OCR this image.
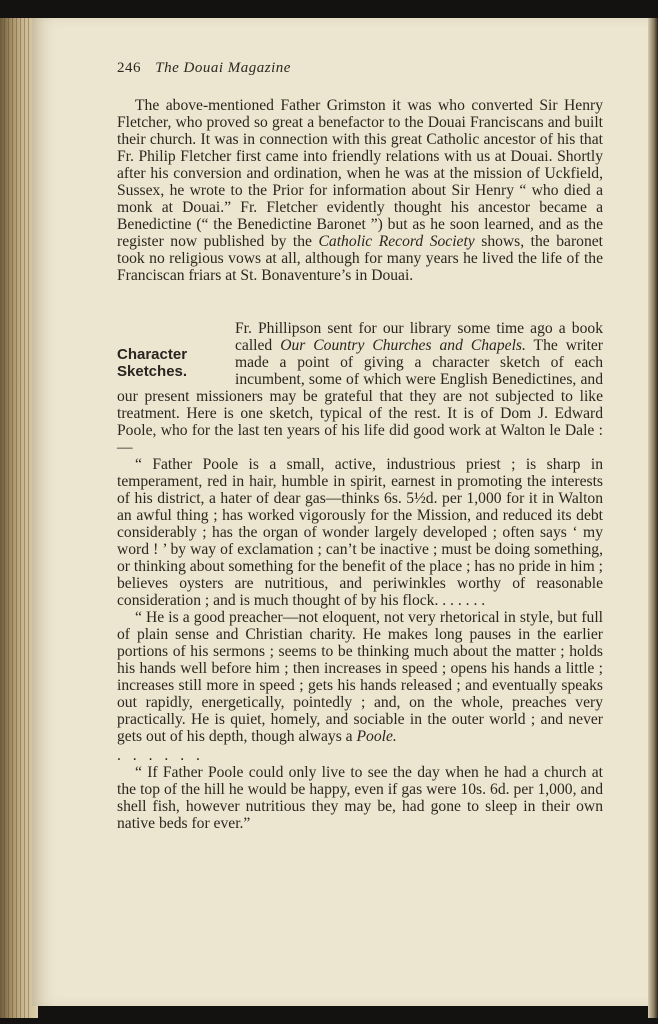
246 The Douai Magazine

The above-mentioned Father Grimston it was who converted Sir Henry Fletcher, who proved so great a benefactor to the Douai Franciscans and built their church. It was in connection with this great Catholic ancestor of his that Fr. Philip Fletcher first came into friendly relations with us at Douai. Shortly after his conversion and ordination, when he was at the mission of Uckfield, Sussex, he wrote to the Prior for information about Sir Henry “ who died a monk at Douai.” Fr. Fletcher evidently thought his ancestor became a Benedictine (“ the Benedictine Baronet ”) but as he soon learned, and as the register now published by the Catholic Record Society shows, the baronet took no religious vows at all, although for many years he lived the life of the Franciscan friars at St. Bonaventure’s in Douai.

Character
Sketches.

Fr. Phillipson sent for our library some time ago a book called Our Country Churches and Chapels. The writer made a point of giving a character sketch of each incumbent, some of which were English Benedictines, and our present missioners may be grateful that they are not subjected to like treatment. Here is one sketch, typical of the rest. It is of Dom J. Edward Poole, who for the last ten years of his life did good work at Walton le Dale :—

“ Father Poole is a small, active, industrious priest ; is sharp in temperament, red in hair, humble in spirit, earnest in promoting the interests of his district, a hater of dear gas—thinks 6s. 5½d. per 1,000 for it in Walton an awful thing ; has worked vigorously for the Mission, and reduced its debt considerably ; has the organ of wonder largely developed ; often says ‘ my word ! ’ by way of exclamation ; can’t be inactive ; must be doing something, or thinking about something for the benefit of the place ; has no pride in him ; believes oysters are nutritious, and periwinkles worthy of reasonable consideration ; and is much thought of by his flock. . . . . . .

“ He is a good preacher—not eloquent, not very rhetorical in style, but full of plain sense and Christian charity. He makes long pauses in the earlier portions of his sermons ; seems to be thinking much about the matter ; holds his hands well before him ; then increases in speed ; opens his hands a little ; increases still more in speed ; gets his hands released ; and eventually speaks out rapidly, energetically, pointedly ; and, on the whole, preaches very practically. He is quiet, homely, and sociable in the outer world ; and never gets out of his depth, though always a Poole.

. . . . . .

“ If Father Poole could only live to see the day when he had a church at the top of the hill he would be happy, even if gas were 10s. 6d. per 1,000, and shell fish, however nutritious they may be, had gone to sleep in their own native beds for ever.”
